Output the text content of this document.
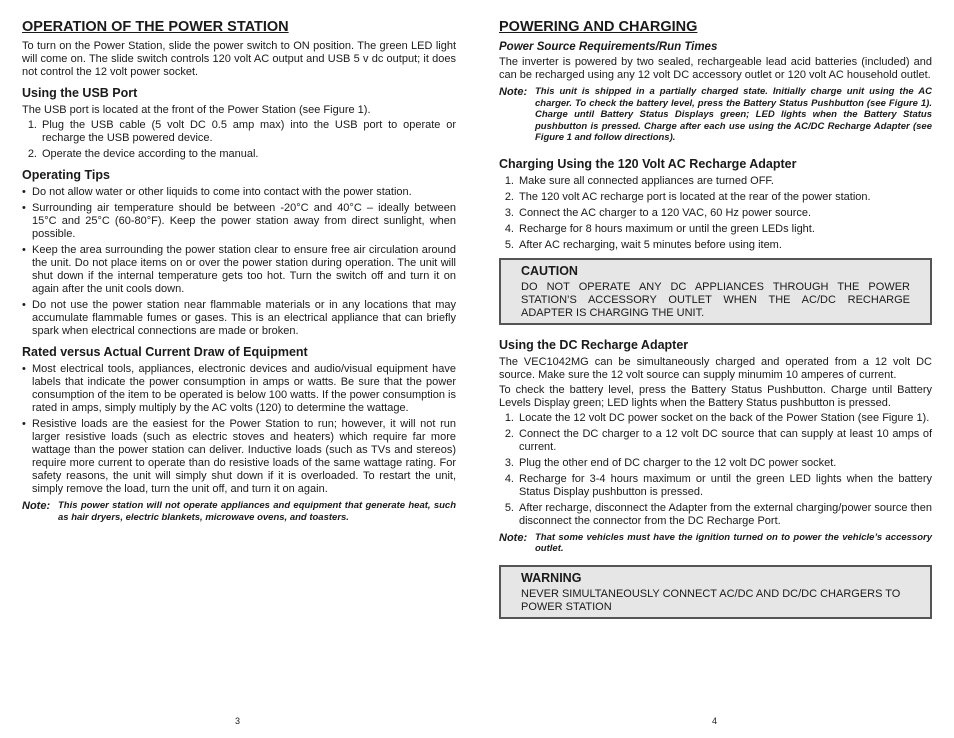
OPERATION OF THE POWER STATION

To turn on the Power Station, slide the power switch to ON position. The green LED light will come on. The slide switch controls 120 volt AC output and USB 5 v dc output; it does not control the 12 volt power socket.

Using the USB Port

The USB port is located at the front of the Power Station (see Figure 1).

1. Plug the USB cable (5 volt DC 0.5 amp max) into the USB port to operate or recharge the USB powered device.
2. Operate the device according to the manual.
Operating Tips
• Do not allow water or other liquids to come into contact with the power station.
• Surrounding air temperature should be between -20°C and 40°C – ideally between 15°C and 25°C (60-80°F). Keep the power station away from direct sunlight, when possible.
• Keep the area surrounding the power station clear to ensure free air circulation around the unit. Do not place items on or over the power station during operation. The unit will shut down if the internal temperature gets too hot. Turn the switch off and turn it on again after the unit cools down.
• Do not use the power station near flammable materials or in any locations that may accumulate flammable fumes or gases. This is an electrical appliance that can briefly spark when electrical connections are made or broken.
Rated versus Actual Current Draw of Equipment
• Most electrical tools, appliances, electronic devices and audio/visual equipment have labels that indicate the power consumption in amps or watts. Be sure that the power consumption of the item to be operated is below 100 watts. If the power consumption is rated in amps, simply multiply by the AC volts (120) to determine the wattage.
• Resistive loads are the easiest for the Power Station to run; however, it will not run larger resistive loads (such as electric stoves and heaters) which require far more wattage than the power station can deliver. Inductive loads (such as TVs and stereos) require more current to operate than do resistive loads of the same wattage rating. For safety reasons, the unit will simply shut down if it is overloaded. To restart the unit, simply remove the load, turn the unit off, and turn it on again.
Note: This power station will not operate appliances and equipment that generate heat, such as hair dryers, electric blankets, microwave ovens, and toasters.
POWERING AND CHARGING
Power Source Requirements/Run Times

The inverter is powered by two sealed, rechargeable lead acid batteries (included) and can be recharged using any 12 volt DC accessory outlet or 120 volt AC household outlet.

Note: This unit is shipped in a partially charged state. Initially charge unit using the AC charger. To check the battery level, press the Battery Status Pushbutton (see Figure 1). Charge until Battery Status Displays green; LED lights when the Battery Status pushbutton is pressed. Charge after each use using the AC/DC Recharge Adapter (see Figure 1 and follow directions).
Charging Using the 120 Volt AC Recharge Adapter
1. Make sure all connected appliances are turned OFF.
2. The 120 volt AC recharge port is located at the rear of the power station.
3. Connect the AC charger to a 120 VAC, 60 Hz power source.
4. Recharge for 8 hours maximum or until the green LEDs light.
5. After AC recharging, wait 5 minutes before using item.
CAUTION
DO NOT OPERATE ANY DC APPLIANCES THROUGH THE POWER STATION’S ACCESSORY OUTLET WHEN THE AC/DC RECHARGE ADAPTER IS CHARGING THE UNIT.
Using the DC Recharge Adapter

The VEC1042MG can be simultaneously charged and operated from a 12 volt DC source. Make sure the 12 volt source can supply minumim 10 amperes of current.

To check the battery level, press the Battery Status Pushbutton. Charge until Battery Levels Display green; LED lights when the Battery Status pushbutton is pressed.

1. Locate the 12 volt DC power socket on the back of the Power Station (see Figure 1).
2. Connect the DC charger to a 12 volt DC source that can supply at least 10 amps of current.
3. Plug the other end of DC charger to the 12 volt DC power socket.
4. Recharge for 3-4 hours maximum or until the green LED lights when the battery Status Display pushbutton is pressed.
5. After recharge, disconnect the Adapter from the external charging/power source then disconnect the connector from the DC Recharge Port.
Note: That some vehicles must have the ignition turned on to power the vehicle’s accessory outlet.
WARNING
NEVER SIMULTANEOUSLY CONNECT AC/DC AND DC/DC CHARGERS TO POWER STATION
3	4
